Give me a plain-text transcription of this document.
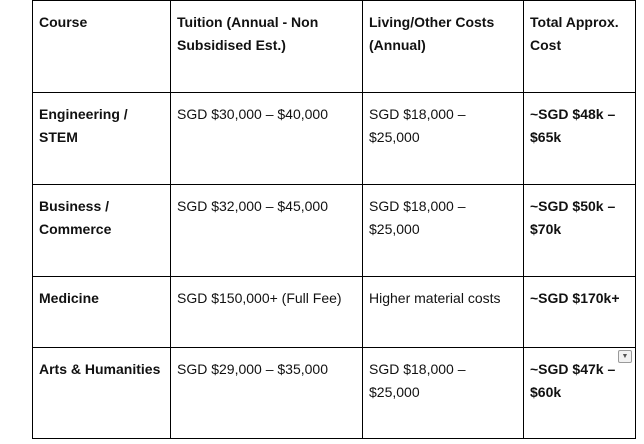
Course	Tuition (Annual - Non Subsidised Est.)	Living/Other Costs (Annual)	Total Approx. Cost
Engineering / STEM	SGD $30,000 – $40,000	SGD $18,000 – $25,000	~SGD $48k – $65k
Business / Commerce	SGD $32,000 – $45,000	SGD $18,000 – $25,000	~SGD $50k – $70k
Medicine	SGD $150,000+ (Full Fee)	Higher material costs	~SGD $170k+
Arts & Humanities	SGD $29,000 – $35,000	SGD $18,000 – $25,000	~SGD $47k – $60k
▼
